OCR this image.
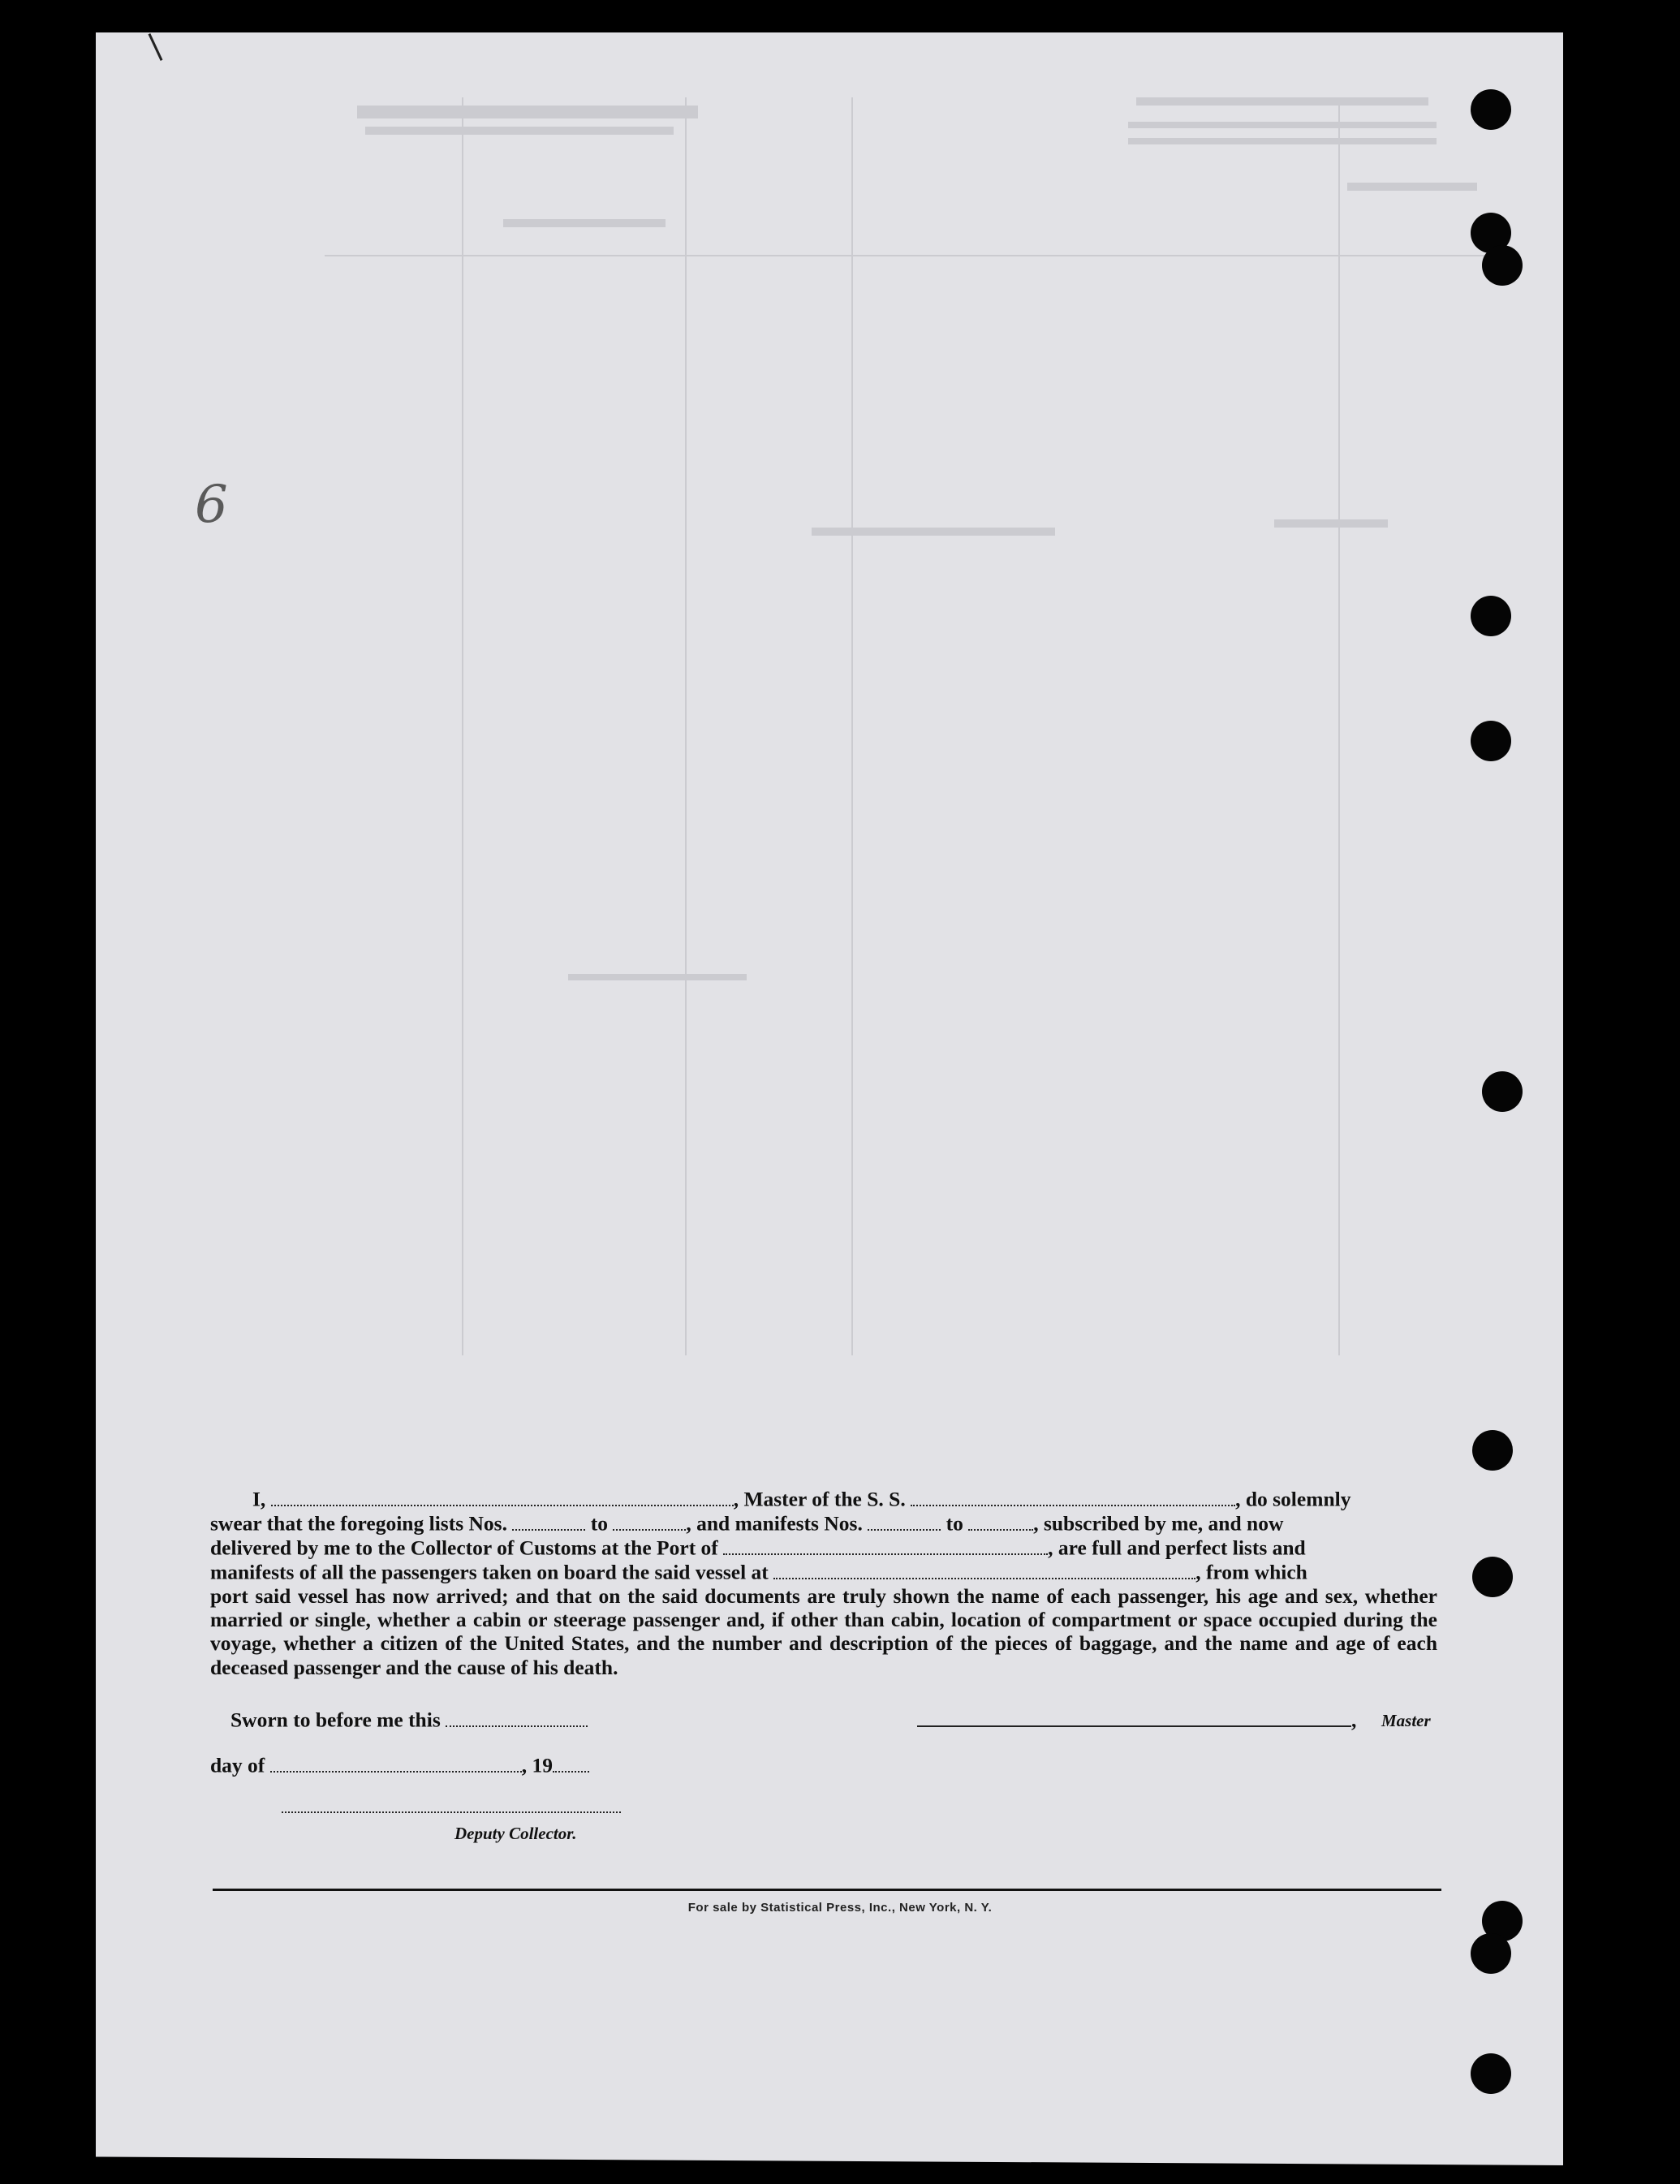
6

I,	, Master of the S. S.	, do solemnly

swear that the foregoing lists Nos.	to	, and manifests Nos.	to	, subscribed by me, and now

delivered by me to the Collector of Customs at the Port of	, are full and perfect lists and

manifests of all the passengers taken on board the said vessel at	, from which

port said vessel has now arrived; and that on the said documents are truly shown the name of each passenger, his age and sex, whether married or single, whether a cabin or steerage passenger and, if other than cabin, location of compartment or space occupied during the voyage, whether a citizen of the United States, and the number and description of the pieces of baggage, and the name and age of each deceased passenger and the cause of his death.

Sworn to before me this	, Master
day of	, 19
Deputy Collector.
For sale by Statistical Press, Inc., New York, N. Y.
